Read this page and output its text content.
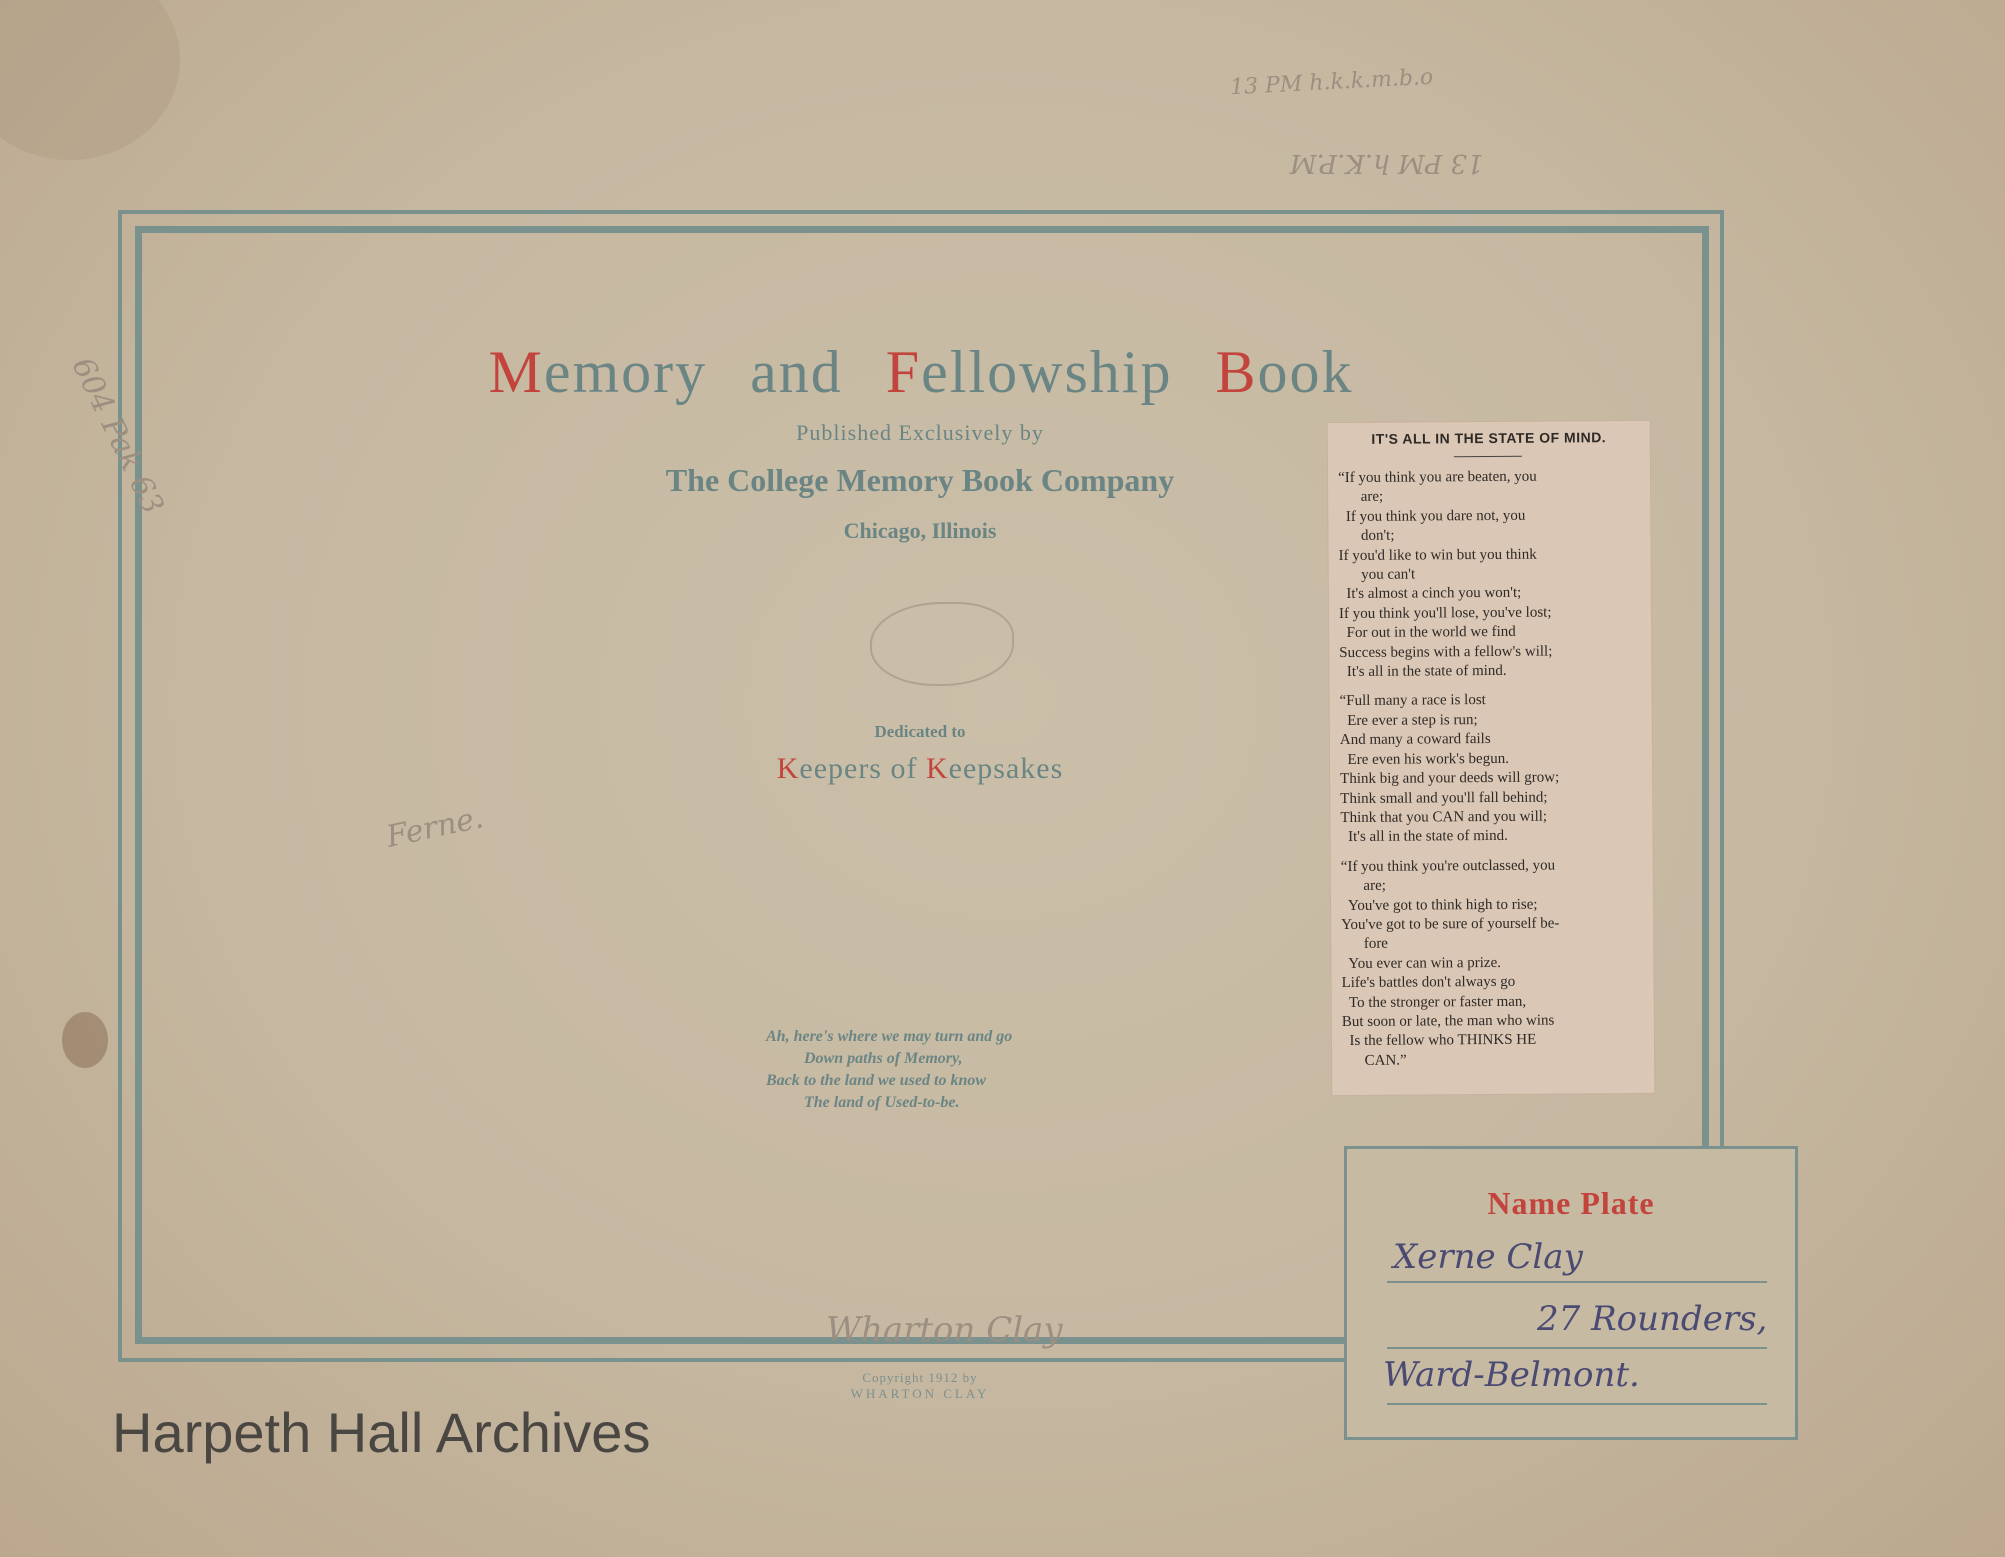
Memory and Fellowship Book
Published Exclusively by
The College Memory Book Company
Chicago, Illinois
Dedicated to
Keepers of Keepsakes
Ah, here's where we may turn and go
Down paths of Memory,
Back to the land we used to know
The land of Used-to-be.
Copyright 1912 by
WHARTON CLAY
IT'S ALL IN THE STATE OF MIND.
“If you think you are beaten, you
are;
If you think you dare not, you
don't;
If you'd like to win but you think
you can't
It's almost a cinch you won't;
If you think you'll lose, you've lost;
For out in the world we find
Success begins with a fellow's will;
It's all in the state of mind.
“Full many a race is lost
Ere ever a step is run;
And many a coward fails
Ere even his work's begun.
Think big and your deeds will grow;
Think small and you'll fall behind;
Think that you CAN and you will;
It's all in the state of mind.
“If you think you're outclassed, you
are;
You've got to think high to rise;
You've got to be sure of yourself be-
fore
You ever can win a prize.
Life's battles don't always go
To the stronger or faster man,
But soon or late, the man who wins
Is the fellow who THINKS HE
CAN.”
Name Plate
Xerne Clay
27 Rounders,
Ward-Belmont.
13 PM h.k.k.m.b.o
13 PM h.K.P.M
604 Pak 63
Ferne.
Wharton Clay
Harpeth Hall Archives
